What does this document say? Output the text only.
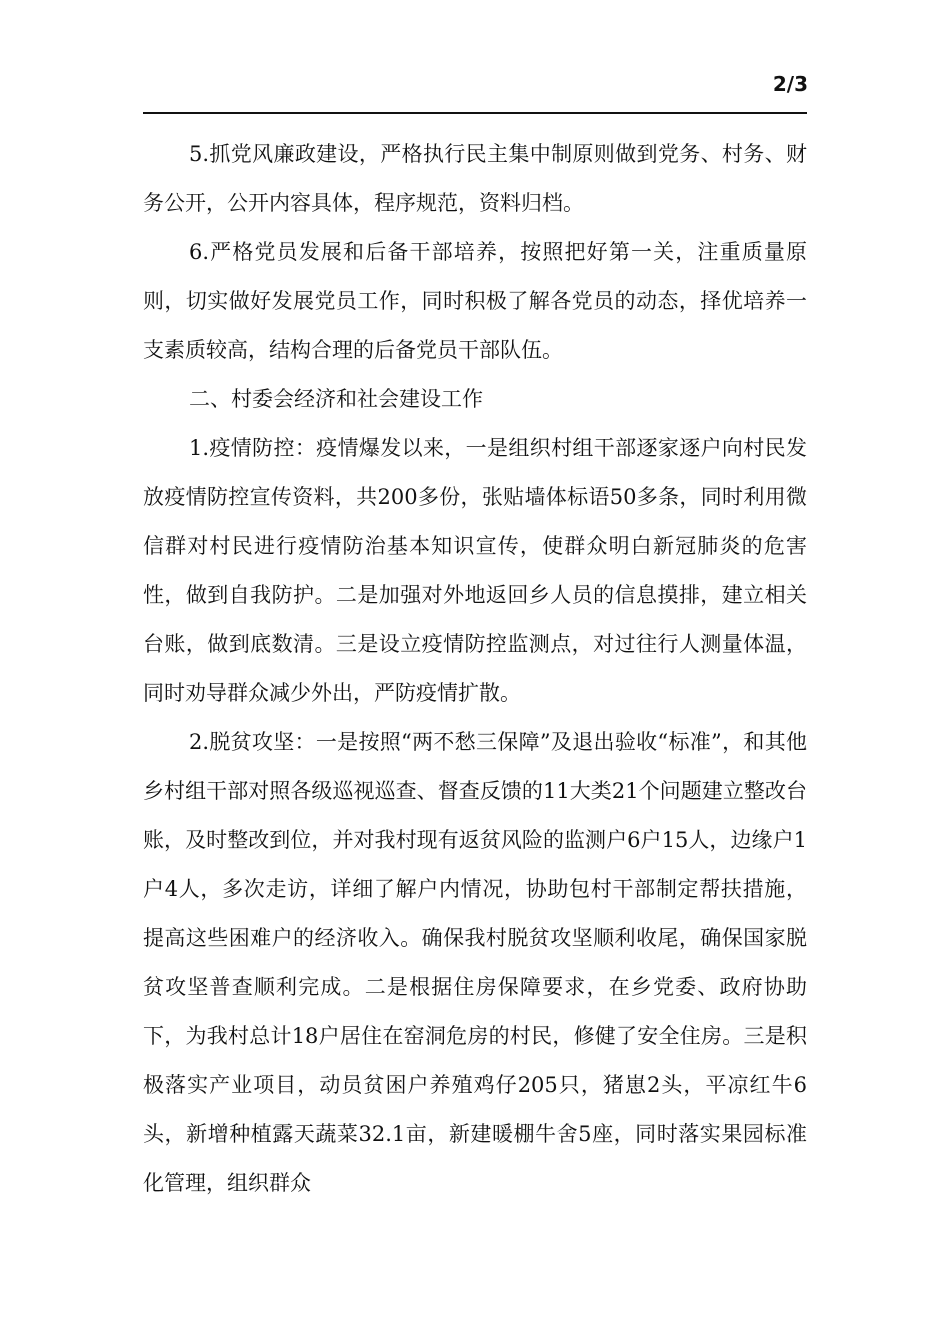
2/3

5.抓党风廉政建设，严格执行民主集中制原则做到党务、村务、财务公开，公开内容具体，程序规范，资料归档。

6.严格党员发展和后备干部培养，按照把好第一关，注重质量原则，切实做好发展党员工作，同时积极了解各党员的动态，择优培养一支素质较高，结构合理的后备党员干部队伍。

二、村委会经济和社会建设工作

1.疫情防控：疫情爆发以来，一是组织村组干部逐家逐户向村民发放疫情防控宣传资料，共200多份，张贴墙体标语50多条，同时利用微信群对村民进行疫情防治基本知识宣传，使群众明白新冠肺炎的危害性，做到自我防护。二是加强对外地返回乡人员的信息摸排，建立相关台账，做到底数清。三是设立疫情防控监测点，对过往行人测量体温，同时劝导群众减少外出，严防疫情扩散。

2.脱贫攻坚：一是按照“两不愁三保障”及退出验收“标准”，和其他乡村组干部对照各级巡视巡查、督查反馈的11大类21个问题建立整改台账，及时整改到位，并对我村现有返贫风险的监测户6户15人，边缘户1户4人，多次走访，详细了解户内情况，协助包村干部制定帮扶措施，提高这些困难户的经济收入。确保我村脱贫攻坚顺利收尾，确保国家脱贫攻坚普查顺利完成。二是根据住房保障要求，在乡党委、政府协助下，为我村总计18户居住在窑洞危房的村民，修健了安全住房。三是积极落实产业项目，动员贫困户养殖鸡仔205只，猪崽2头，平凉红牛6头，新增种植露天蔬菜32.1亩，新建暖棚牛舍5座，同时落实果园标准化管理，组织群众
